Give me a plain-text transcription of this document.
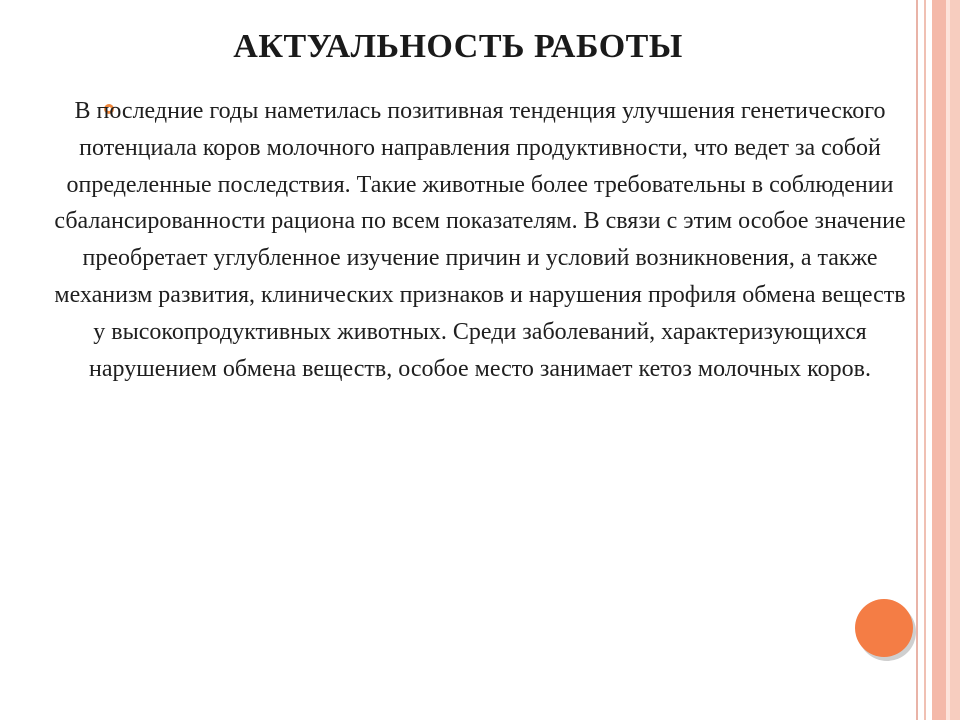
АКТУАЛЬНОСТЬ РАБОТЫ
В последние годы наметилась позитивная тенденция улучшения генетического потенциала коров молочного направления продуктивности, что ведет за собой определенные последствия. Такие животные более требовательны в соблюдении сбалансированности рациона по всем показателям. В связи с этим особое значение преобретает углубленное изучение причин и условий возникновения, а также механизм развития, клинических признаков и нарушения профиля обмена веществ у высокопродуктивных животных. Среди заболеваний, характеризующихся нарушением обмена веществ, особое место занимает кетоз молочных коров.
